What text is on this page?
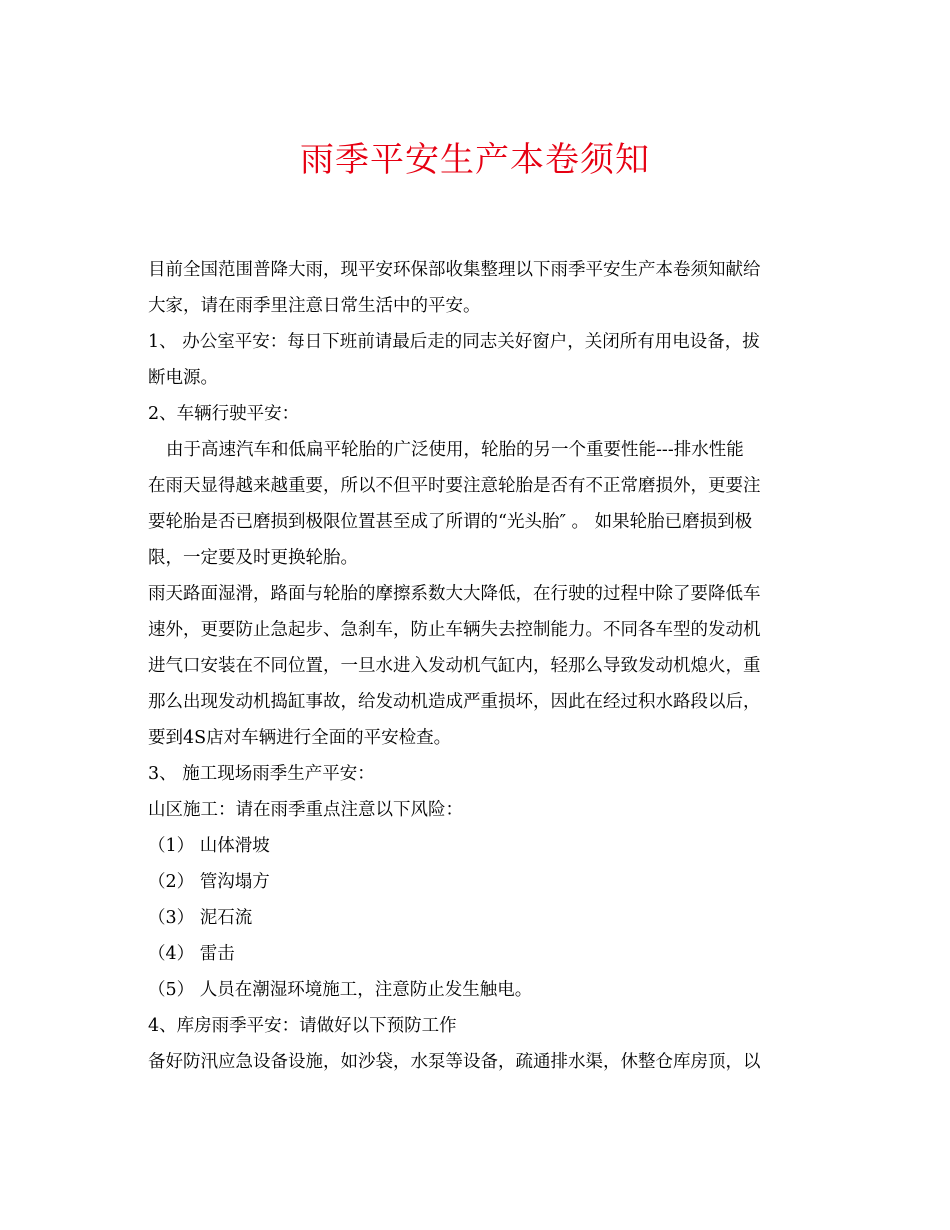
雨季平安生产本卷须知
目前全国范围普降大雨，现平安环保部收集整理以下雨季平安生产本卷须知献给
大家，请在雨季里注意日常生活中的平安。
1、 办公室平安：每日下班前请最后走的同志关好窗户，关闭所有用电设备，拔
断电源。
2、车辆行驶平安：
由于高速汽车和低扁平轮胎的广泛使用，轮胎的另一个重要性能---排水性能
在雨天显得越来越重要，所以不但平时要注意轮胎是否有不正常磨损外，更要注
要轮胎是否已磨损到极限位置甚至成了所谓的“光头胎″ 。 如果轮胎已磨损到极
限，一定要及时更换轮胎。
雨天路面湿滑，路面与轮胎的摩擦系数大大降低，在行驶的过程中除了要降低车
速外，更要防止急起步、急刹车，防止车辆失去控制能力。不同各车型的发动机
进气口安装在不同位置，一旦水进入发动机气缸内，轻那么导致发动机熄火，重
那么出现发动机捣缸事故，给发动机造成严重损坏，因此在经过积水路段以后，
要到4S店对车辆进行全面的平安检查。
3、 施工现场雨季生产平安：
山区施工：请在雨季重点注意以下风险：
（1） 山体滑坡
（2） 管沟塌方
（3） 泥石流
（4） 雷击
（5） 人员在潮湿环境施工，注意防止发生触电。
4、库房雨季平安：请做好以下预防工作
备好防汛应急设备设施，如沙袋，水泵等设备，疏通排水渠，休整仓库房顶，以
